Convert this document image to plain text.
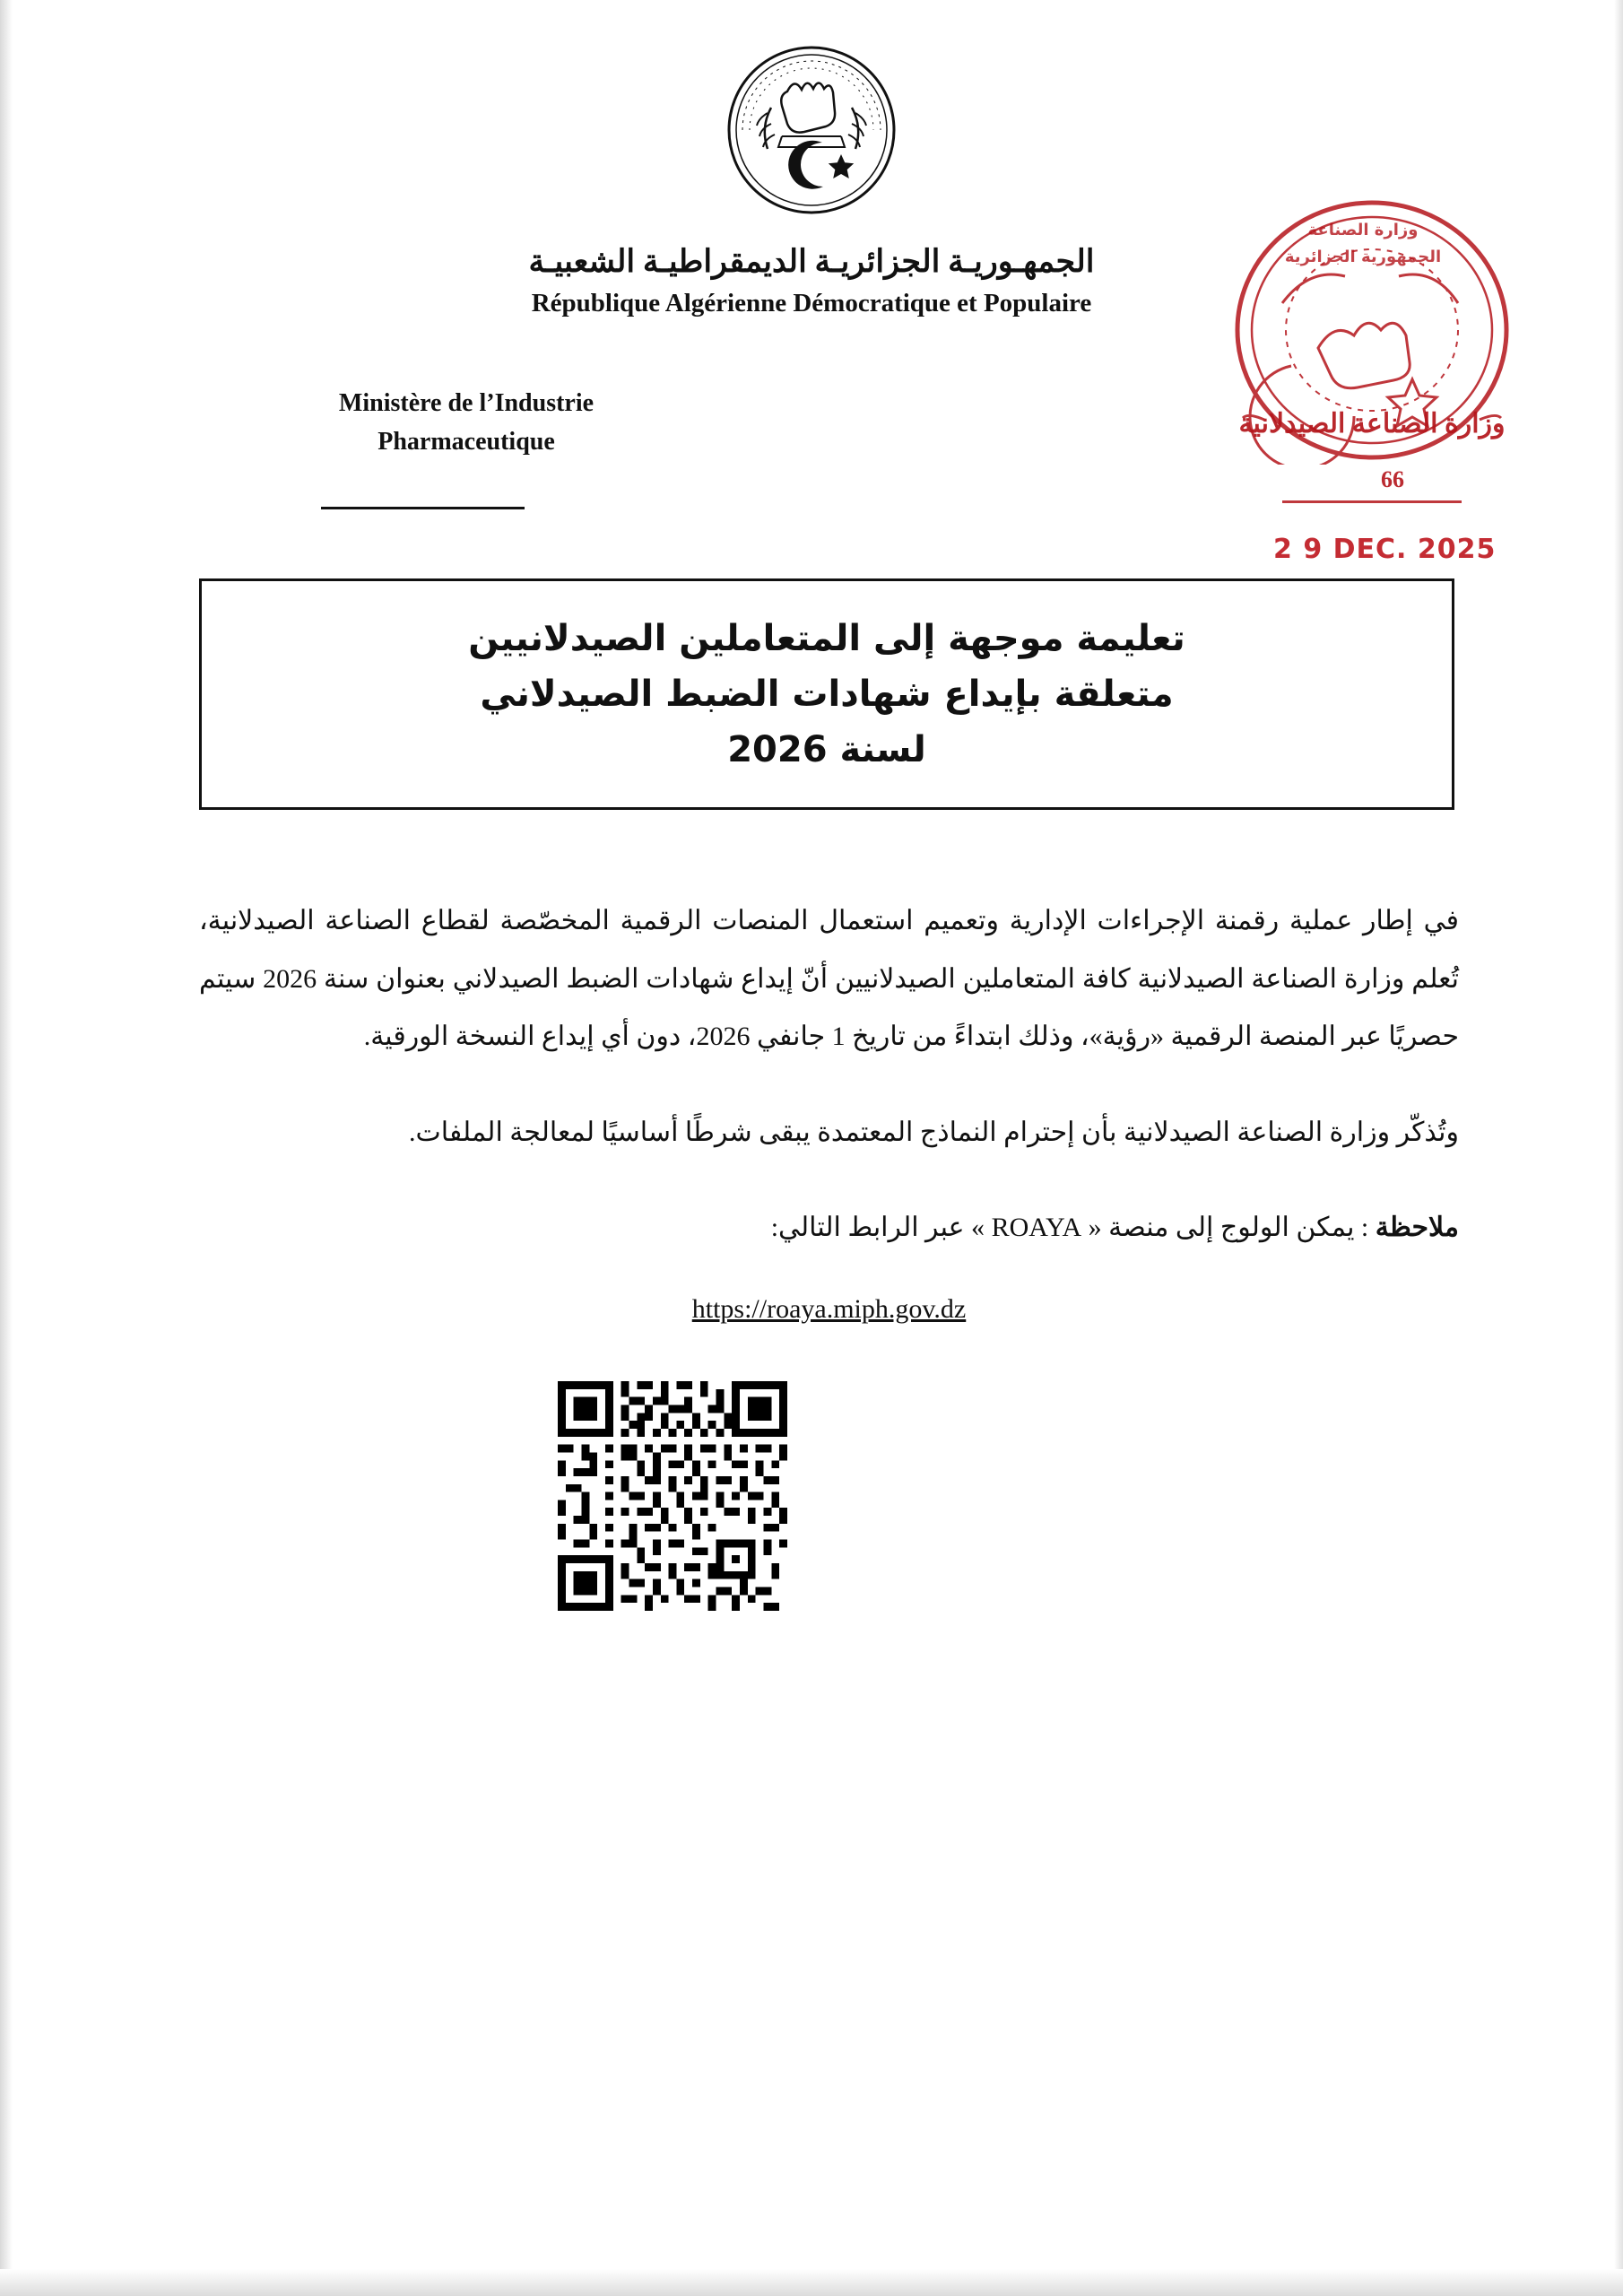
الجمهـوريـة الجزائريـة الديمقراطيـة الشعبيـة
République Algérienne Démocratique et Populaire
Ministère de l’Industrie
Pharmaceutique
وزارة الصناعة
الجمهورية الجزائرية
وزارة الصناعة الصيدلانية
66
2 9 DEC. 2025
تعليمة موجهة إلى المتعاملين الصيدلانيين
متعلقة بإيداع شهادات الضبط الصيدلاني
لسنة 2026

في إطار عملية رقمنة الإجراءات الإدارية وتعميم استعمال المنصات الرقمية المخصّصة لقطاع الصناعة الصيدلانية، تُعلم وزارة الصناعة الصيدلانية كافة المتعاملين الصيدلانيين أنّ إيداع شهادات الضبط الصيدلاني بعنوان سنة 2026 سيتم حصريًا عبر المنصة الرقمية «رؤية»، وذلك ابتداءً من تاريخ 1 جانفي 2026، دون أي إيداع النسخة الورقية.

وتُذكّر وزارة الصناعة الصيدلانية بأن إحترام النماذج المعتمدة يبقى شرطًا أساسيًا لمعالجة الملفات.

ملاحظة : يمكن الولوج إلى منصة « ROAYA » عبر الرابط التالي:

https://roaya.miph.gov.dz
